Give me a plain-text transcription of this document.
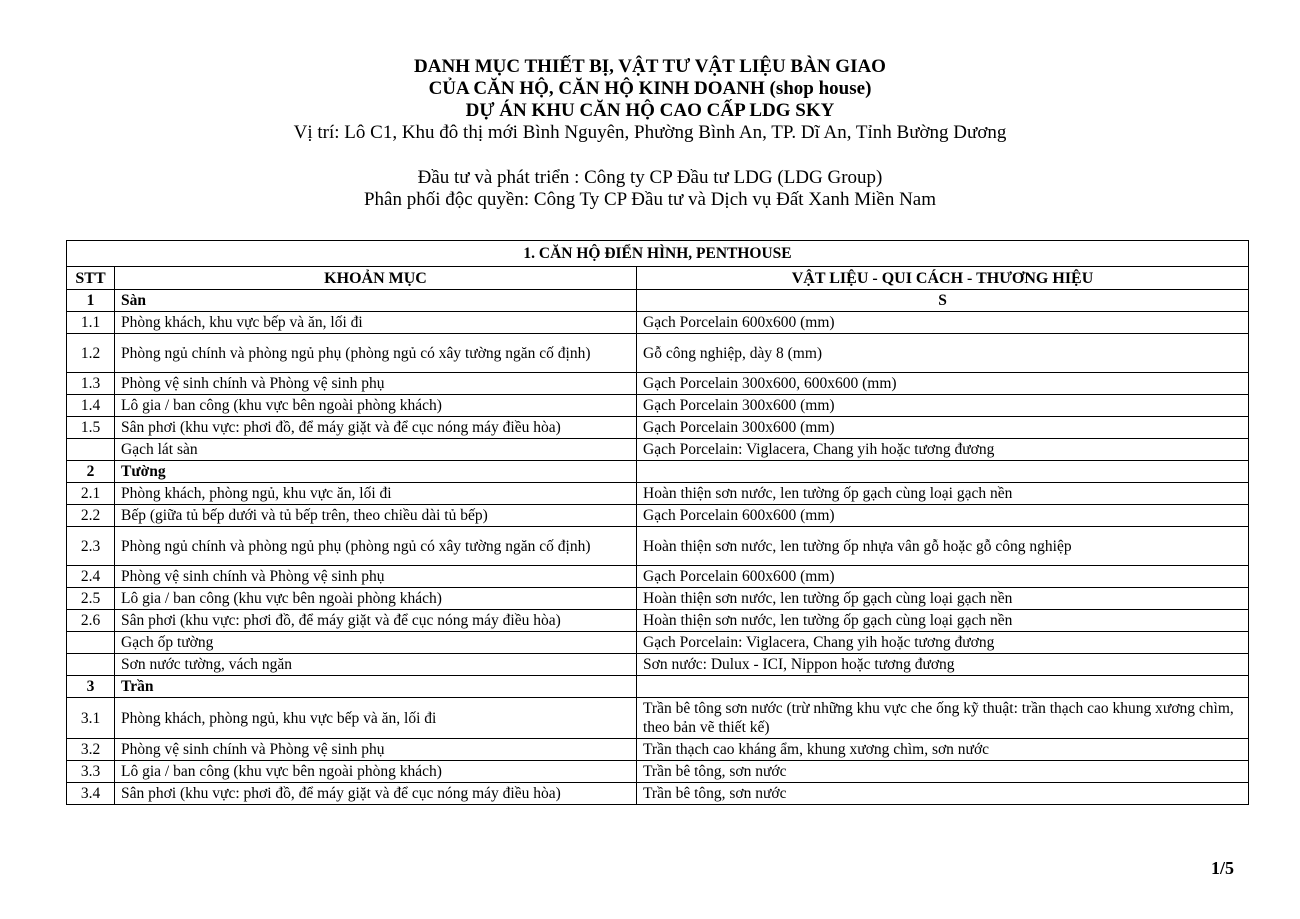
DANH MỤC THIẾT BỊ, VẬT TƯ VẬT LIỆU BÀN GIAO
CỦA CĂN HỘ, CĂN HỘ KINH DOANH (shop house)
DỰ ÁN KHU CĂN HỘ CAO CẤP LDG SKY
Vị trí: Lô C1, Khu đô thị mới Bình Nguyên, Phường Bình An, TP. Dĩ An, Tỉnh Bường Dương
Đầu tư và phát triển : Công ty CP Đầu tư LDG (LDG Group)
Phân phối độc quyền: Công Ty CP Đầu tư và Dịch vụ Đất Xanh Miền Nam
1. CĂN HỘ ĐIỂN HÌNH, PENTHOUSE		
STT	KHOẢN MỤC	VẬT LIỆU - QUI CÁCH - THƯƠNG HIỆU
1	Sàn	S
1.1	Phòng khách, khu vực bếp và ăn, lối đi	Gạch Porcelain 600x600 (mm)
1.2	Phòng ngủ chính và phòng ngủ phụ (phòng ngủ có xây tường ngăn cố định)	Gỗ công nghiệp, dày 8 (mm)
1.3	Phòng vệ sinh chính và Phòng vệ sinh phụ	Gạch Porcelain 300x600, 600x600 (mm)
1.4	Lô gia / ban công (khu vực bên ngoài phòng khách)	Gạch Porcelain 300x600 (mm)
1.5	Sân phơi (khu vực: phơi đồ, để máy giặt và để cục nóng máy điều hòa)	Gạch Porcelain 300x600 (mm)
	Gạch lát sàn	Gạch Porcelain: Viglacera, Chang yih hoặc tương đương
2	Tường	
2.1	Phòng khách, phòng ngủ, khu vực ăn, lối đi	Hoàn thiện sơn nước, len tường ốp gạch cùng loại gạch nền
2.2	Bếp (giữa tủ bếp dưới và tủ bếp trên, theo chiều dài tủ bếp)	Gạch Porcelain 600x600 (mm)
2.3	Phòng ngủ chính và phòng ngủ phụ (phòng ngủ có xây tường ngăn cố định)	Hoàn thiện sơn nước, len tường ốp nhựa vân gỗ hoặc gỗ công nghiệp
2.4	Phòng vệ sinh chính và Phòng vệ sinh phụ	Gạch Porcelain 600x600 (mm)
2.5	Lô gia / ban công (khu vực bên ngoài phòng khách)	Hoàn thiện sơn nước, len tường ốp gạch cùng loại gạch nền
2.6	Sân phơi (khu vực: phơi đồ, để máy giặt và để cục nóng máy điều hòa)	Hoàn thiện sơn nước, len tường ốp gạch cùng loại gạch nền
	Gạch ốp tường	Gạch Porcelain: Viglacera, Chang yih hoặc tương đương
	Sơn nước tường, vách ngăn	Sơn nước: Dulux - ICI, Nippon hoặc tương đương
3	Trần	
3.1	Phòng khách, phòng ngủ, khu vực bếp và ăn, lối đi	Trần bê tông sơn nước (trừ những khu vực che ống kỹ thuật: trần thạch cao khung xương chìm, theo bản vẽ thiết kế)
3.2	Phòng vệ sinh chính và Phòng vệ sinh phụ	Trần thạch cao kháng ẩm, khung xương chìm, sơn nước
3.3	Lô gia / ban công (khu vực bên ngoài phòng khách)	Trần bê tông, sơn nước
3.4	Sân phơi (khu vực: phơi đồ, để máy giặt và để cục nóng máy điều hòa)	Trần bê tông, sơn nước
1/5
